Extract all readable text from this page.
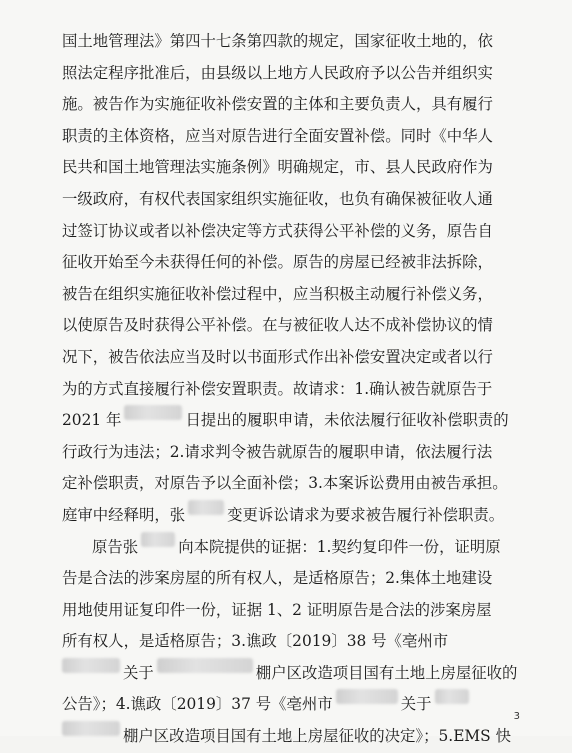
国土地管理法》第四十七条第四款的规定，国家征收土地的，依
照法定程序批准后，由县级以上地方人民政府予以公告并组织实
施。被告作为实施征收补偿安置的主体和主要负责人，具有履行
职责的主体资格，应当对原告进行全面安置补偿。同时《中华人
民共和国土地管理法实施条例》明确规定，市、县人民政府作为
一级政府，有权代表国家组织实施征收，也负有确保被征收人通
过签订协议或者以补偿决定等方式获得公平补偿的义务，原告自
征收开始至今未获得任何的补偿。原告的房屋已经被非法拆除，
被告在组织实施征收补偿过程中，应当积极主动履行补偿义务，
以使原告及时获得公平补偿。在与被征收人达不成补偿协议的情
况下，被告依法应当及时以书面形式作出补偿安置决定或者以行
为的方式直接履行补偿安置职责。故请求：1.确认被告就原告于
2021 年	日提出的履职申请，未依法履行征收补偿职责的
行政行为违法；2.请求判令被告就原告的履职申请，依法履行法
定补偿职责，对原告予以全面补偿；3.本案诉讼费用由被告承担。
庭审中经释明，张	变更诉讼请求为要求被告履行补偿职责。
原告张	向本院提供的证据：1.契约复印件一份，证明原
告是合法的涉案房屋的所有权人，是适格原告；2.集体土地建设
用地使用证复印件一份，证据 1、2 证明原告是合法的涉案房屋
所有权人，是适格原告；3.谯政〔2019〕38 号《亳州市
关于	棚户区改造项目国有土地上房屋征收的
公告》；4.谯政〔2019〕37 号《亳州市	关于
棚户区改造项目国有土地上房屋征收的决定》；5.EMS 快
3
